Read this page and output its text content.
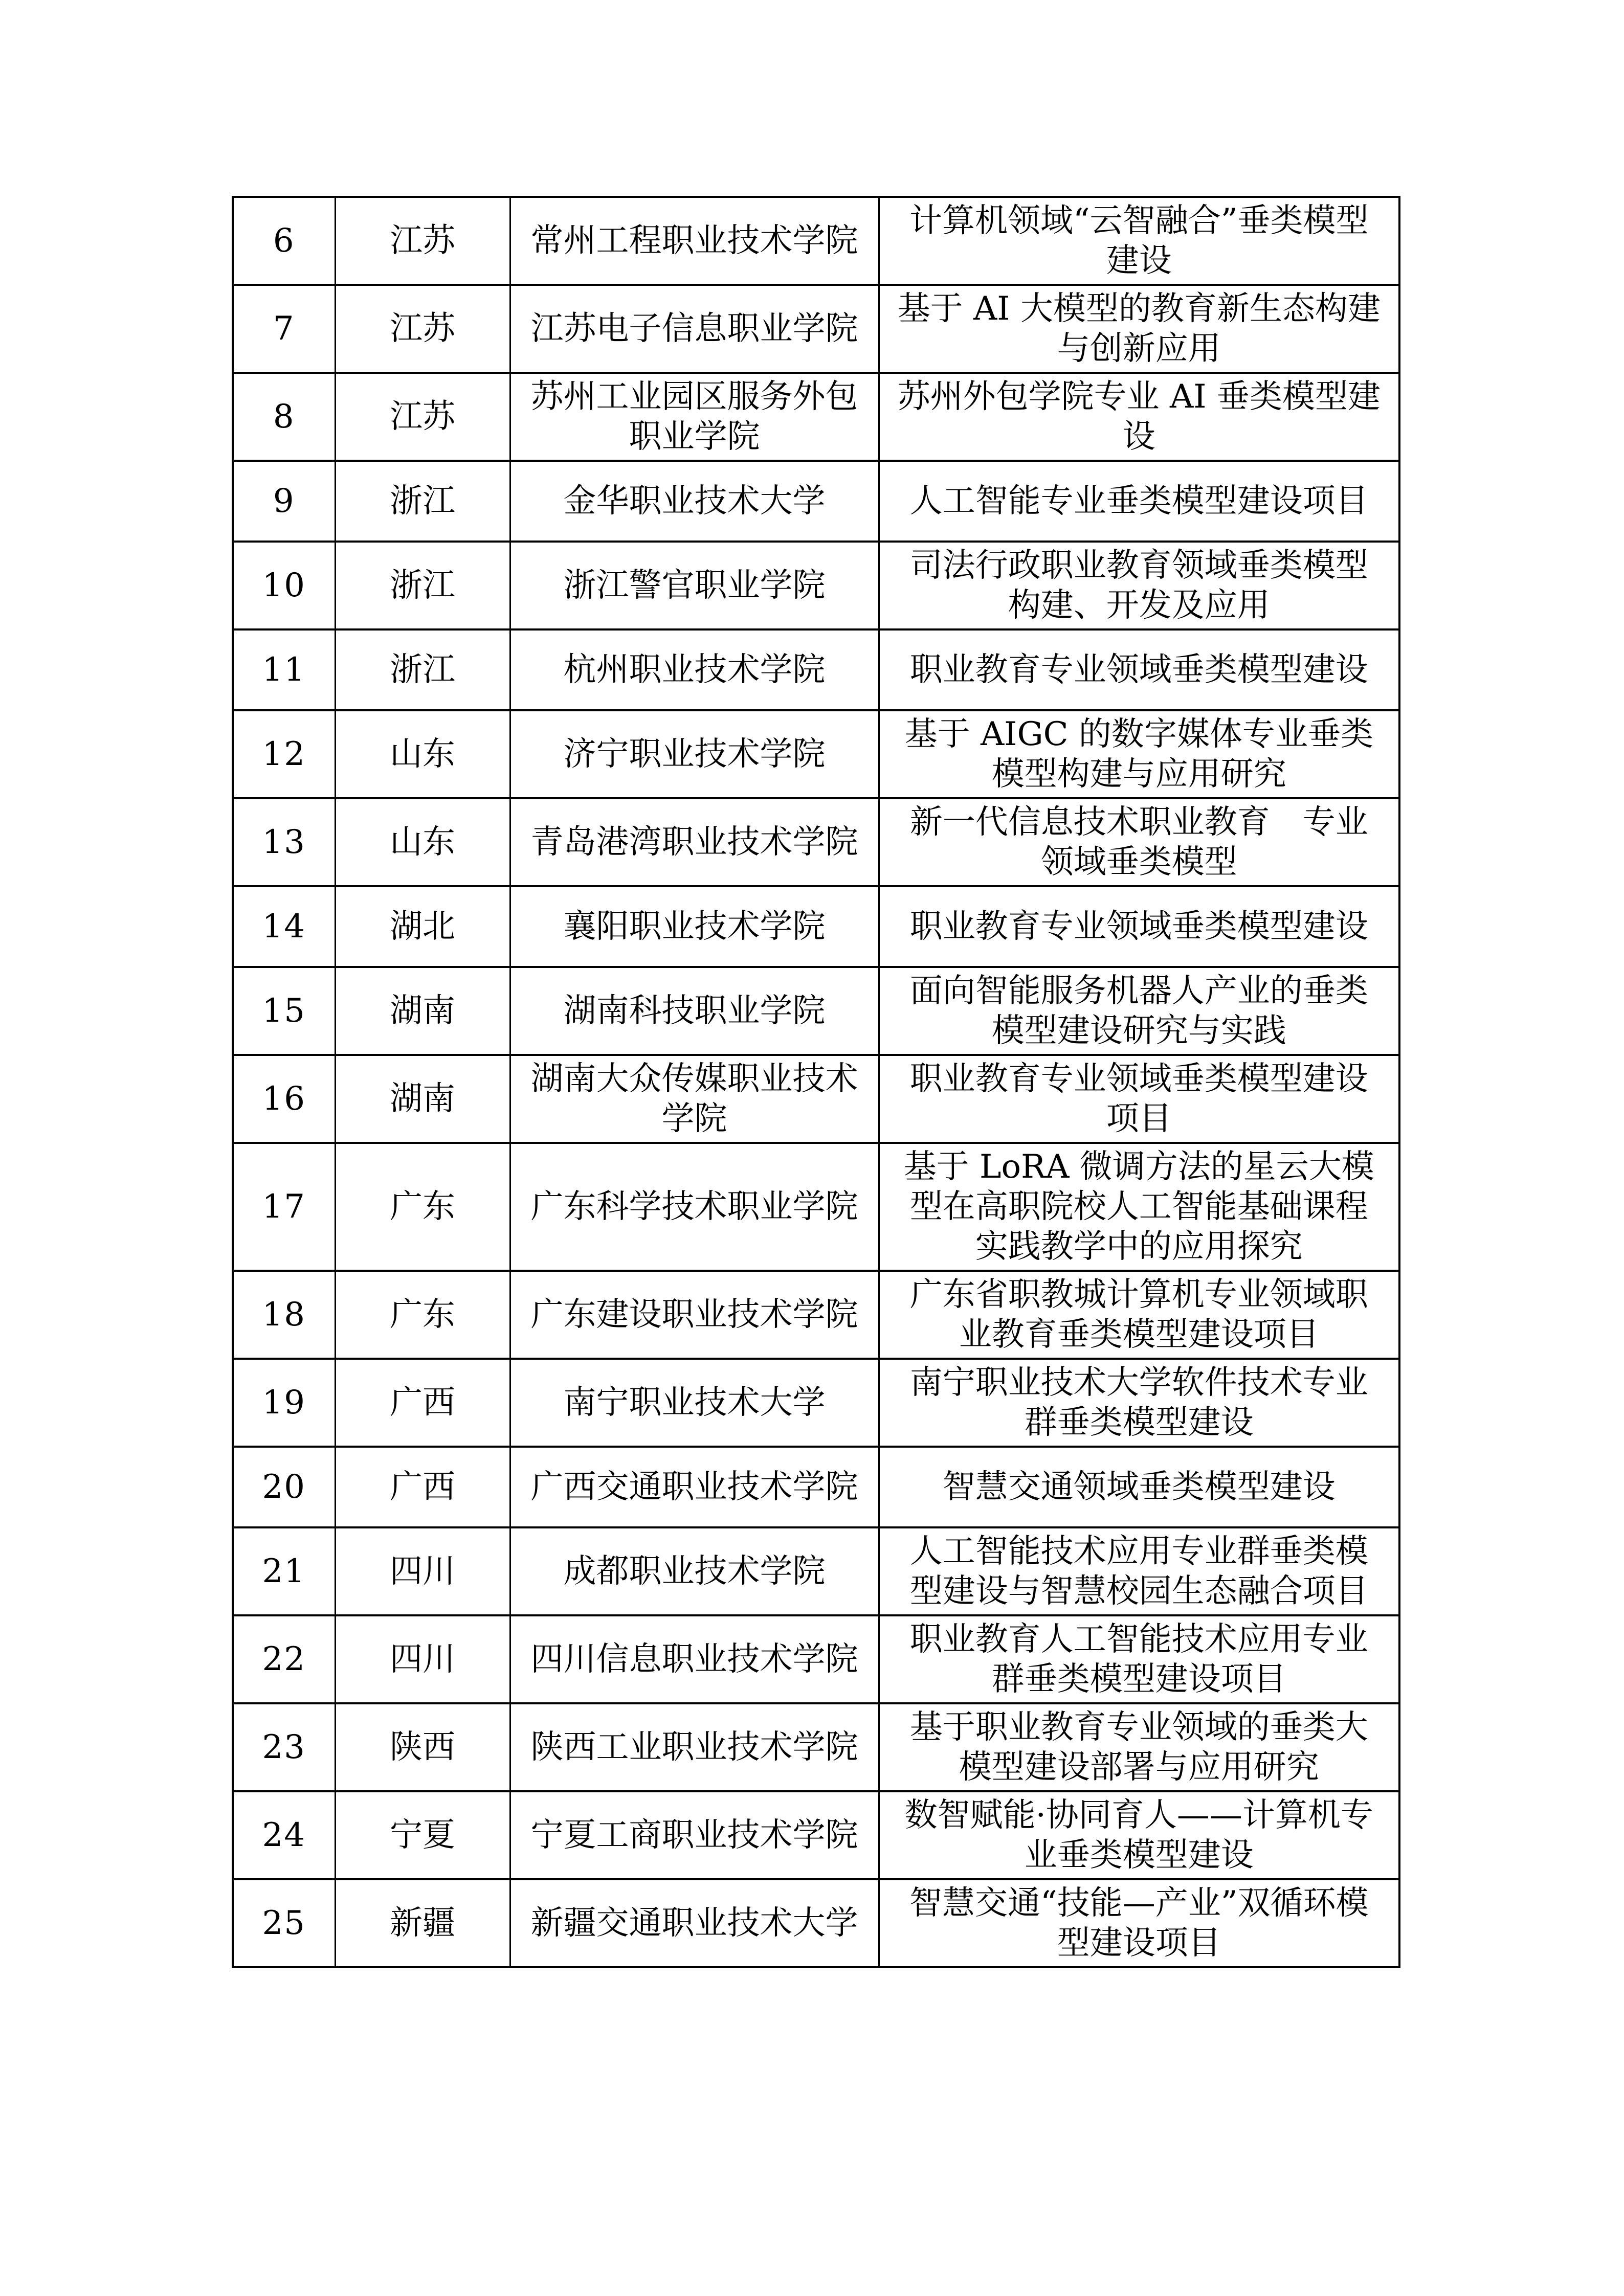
6	江苏	常州工程职业技术学院	计算机领域“云智融合”垂类模型建设
7	江苏	江苏电子信息职业学院	基于 AI 大模型的教育新生态构建与创新应用
8	江苏	苏州工业园区服务外包职业学院	苏州外包学院专业 AI 垂类模型建设
9	浙江	金华职业技术大学	人工智能专业垂类模型建设项目
10	浙江	浙江警官职业学院	司法行政职业教育领域垂类模型构建、开发及应用
11	浙江	杭州职业技术学院	职业教育专业领域垂类模型建设
12	山东	济宁职业技术学院	基于 AIGC 的数字媒体专业垂类模型构建与应用研究
13	山东	青岛港湾职业技术学院	新一代信息技术职业教育　专业领域垂类模型
14	湖北	襄阳职业技术学院	职业教育专业领域垂类模型建设
15	湖南	湖南科技职业学院	面向智能服务机器人产业的垂类模型建设研究与实践
16	湖南	湖南大众传媒职业技术学院	职业教育专业领域垂类模型建设项目
17	广东	广东科学技术职业学院	基于 LoRA 微调方法的星云大模型在高职院校人工智能基础课程实践教学中的应用探究
18	广东	广东建设职业技术学院	广东省职教城计算机专业领域职业教育垂类模型建设项目
19	广西	南宁职业技术大学	南宁职业技术大学软件技术专业群垂类模型建设
20	广西	广西交通职业技术学院	智慧交通领域垂类模型建设
21	四川	成都职业技术学院	人工智能技术应用专业群垂类模型建设与智慧校园生态融合项目
22	四川	四川信息职业技术学院	职业教育人工智能技术应用专业群垂类模型建设项目
23	陕西	陕西工业职业技术学院	基于职业教育专业领域的垂类大模型建设部署与应用研究
24	宁夏	宁夏工商职业技术学院	数智赋能·协同育人——计算机专业垂类模型建设
25	新疆	新疆交通职业技术大学	智慧交通“技能—产业”双循环模型建设项目
